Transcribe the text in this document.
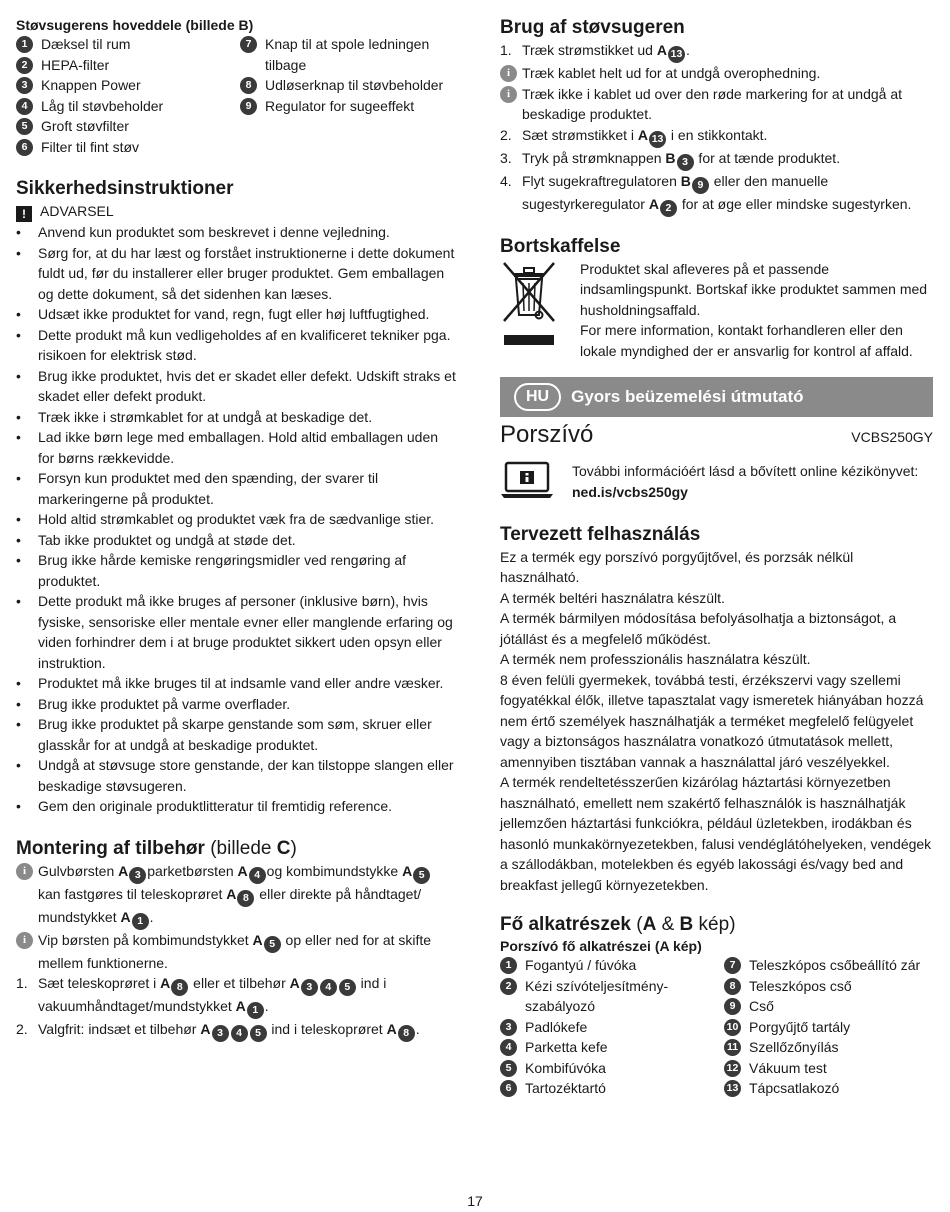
Støvsugerens hoveddele (billede B)
1 Dæksel til rum
2 HEPA-filter
3 Knappen Power
4 Låg til støvbeholder
5 Groft støvfilter
6 Filter til fint støv
7 Knap til at spole ledningen tilbage
8 Udløserknap til støvbeholder
9 Regulator for sugeeffekt
Sikkerhedsinstruktioner
! ADVARSEL
•	Anvend kun produktet som beskrevet i denne vejledning.
•	Sørg for, at du har læst og forstået instruktionerne i dette dokument fuldt ud, før du installerer eller bruger produktet. Gem emballagen og dette dokument, så det sidenhen kan læses.
•	Udsæt ikke produktet for vand, regn, fugt eller høj luftfugtighed.
•	Dette produkt må kun vedligeholdes af en kvalificeret tekniker pga. risikoen for elektrisk stød.
•	Brug ikke produktet, hvis det er skadet eller defekt. Udskift straks et skadet eller defekt produkt.
•	Træk ikke i strømkablet for at undgå at beskadige det.
•	Lad ikke børn lege med emballagen. Hold altid emballagen uden for børns rækkevidde.
•	Forsyn kun produktet med den spænding, der svarer til markeringerne på produktet.
•	Hold altid strømkablet og produktet væk fra de sædvanlige stier.
•	Tab ikke produktet og undgå at støde det.
•	Brug ikke hårde kemiske rengøringsmidler ved rengøring af produktet.
•	Dette produkt må ikke bruges af personer (inklusive børn), hvis fysiske, sensoriske eller mentale evner eller manglende erfaring og viden forhindrer dem i at bruge produktet sikkert uden opsyn eller instruktion.
•	Produktet må ikke bruges til at indsamle vand eller andre væsker.
•	Brug ikke produktet på varme overflader.
•	Brug ikke produktet på skarpe genstande som søm, skruer eller glasskår for at undgå at beskadige produktet.
•	Undgå at støvsuge store genstande, der kan tilstoppe slangen eller beskadige støvsugeren.
•	Gem den originale produktlitteratur til fremtidig reference.
Montering af tilbehør (billede C)
i Gulvbørsten A 3 parketbørsten A 4 og kombimundstykke A 5 kan fastgøres til teleskoprøret A 8 eller direkte på håndtaget/ mundstykket A 1 .
i Vip børsten på kombimundstykket A 5 op eller ned for at skifte mellem funktionerne.
1. Sæt teleskoprøret i A 8 eller et tilbehør A 3 4 5 ind i vakuumhåndtaget/mundstykket A 1 .
2. Valgfrit: indsæt et tilbehør A 3 4 5 ind i teleskoprøret A 8 .
Brug af støvsugeren
1. Træk strømstikket ud A 13 .
i Træk kablet helt ud for at undgå overophedning.
i Træk ikke i kablet ud over den røde markering for at undgå at beskadige produktet.
2. Sæt strømstikket i A 13 i en stikkontakt.
3. Tryk på strømknappen B 3 for at tænde produktet.
4. Flyt sugekraftregulatoren B 9 eller den manuelle sugestyrkeregulator A 2 for at øge eller mindske sugestyrken.
Bortskaffelse
Produktet skal afleveres på et passende indsamlingspunkt. Bortskaf ikke produktet sammen med husholdningsaffald.
For mere information, kontakt forhandleren eller den lokale myndighed der er ansvarlig for kontrol af affald.
HU	Gyors beüzemelési útmutató
Porszívó	VCBS250GY
További információért lásd a bővített online kézikönyvet: ned.is/vcbs250gy
Tervezett felhasználás
Ez a termék egy porszívó porgyűjtővel, és porzsák nélkül használható.
A termék beltéri használatra készült.
A termék bármilyen módosítása befolyásolhatja a biztonságot, a jótállást és a megfelelő működést.
A termék nem professzionális használatra készült.
8 éven felüli gyermekek, továbbá testi, érzékszervi vagy szellemi fogyatékkal élők, illetve tapasztalat vagy ismeretek hiányában hozzá nem értő személyek használhatják a terméket megfelelő felügyelet vagy a biztonságos használatra vonatkozó útmutatások mellett, amennyiben tisztában vannak a használattal járó veszélyekkel.
A termék rendeltetésszerűen kizárólag háztartási környezetben használható, emellett nem szakértő felhasználók is használhatják jellemzően háztartási funkciókra, például üzletekben, irodákban és hasonló munkakörnyezetekben, falusi vendéglátóhelyeken, vendégek a szállodákban, motelekben és egyéb lakossági és/vagy bed and breakfast jellegű környezetekben.
Fő alkatrészek (A & B kép)
Porszívó fő alkatrészei (A kép)
1 Fogantyú / fúvóka
2 Kézi szívóteljesítmény-szabályozó
3 Padlókefe
4 Parketta kefe
5 Kombifúvóka
6 Tartozéktartó
7 Teleszkópos csőbeállító zár
8 Teleszkópos cső
9 Cső
10 Porgyűjtő tartály
11 Szellőzőnyílás
12 Vákuum test
13 Tápcsatlakozó
17
